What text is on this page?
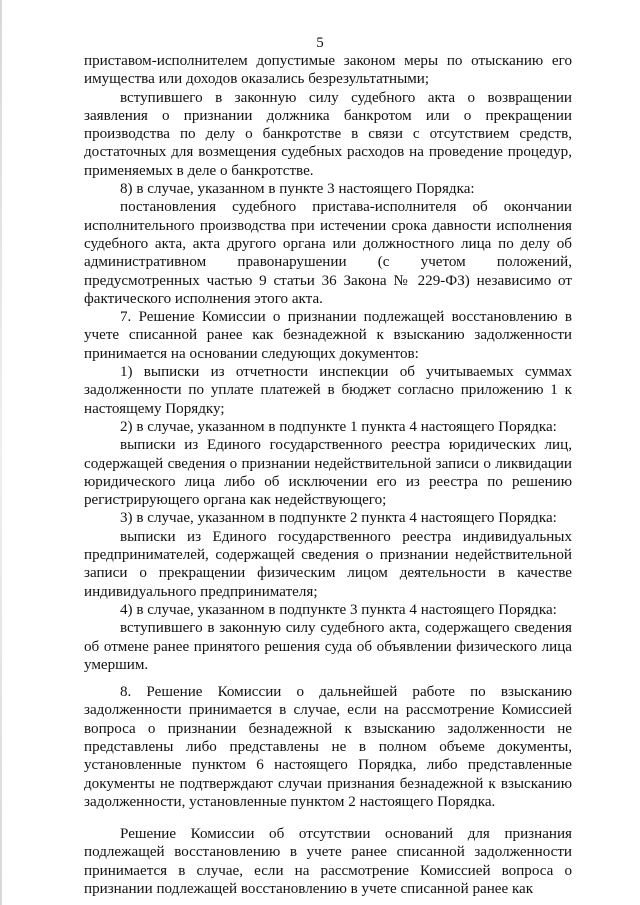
5

приставом-исполнителем допустимые законом меры по отысканию его имущества или доходов оказались безрезультатными;

вступившего в законную силу судебного акта о возвращении заявления о признании должника банкротом или о прекращении производства по делу о банкротстве в связи с отсутствием средств, достаточных для возмещения судебных расходов на проведение процедур, применяемых в деле о банкротстве.

8) в случае, указанном в пункте 3 настоящего Порядка:

постановления судебного пристава-исполнителя об окончании исполнительного производства при истечении срока давности исполнения судебного акта, акта другого органа или должностного лица по делу об административном правонарушении (с учетом положений, предусмотренных частью 9 статьи 36 Закона № 229-ФЗ) независимо от фактического исполнения этого акта.

7. Решение Комиссии о признании подлежащей восстановлению в учете списанной ранее как безнадежной к взысканию задолженности принимается на основании следующих документов:

1) выписки из отчетности инспекции об учитываемых суммах задолженности по уплате платежей в бюджет согласно приложению 1 к настоящему Порядку;

2) в случае, указанном в подпункте 1 пункта 4 настоящего Порядка:

выписки из Единого государственного реестра юридических лиц, содержащей сведения о признании недействительной записи о ликвидации юридического лица либо об исключении его из реестра по решению регистрирующего органа как недействующего;

3) в случае, указанном в подпункте 2 пункта 4 настоящего Порядка:

выписки из Единого государственного реестра индивидуальных предпринимателей, содержащей сведения о признании недействительной записи о прекращении физическим лицом деятельности в качестве индивидуального предпринимателя;

4) в случае, указанном в подпункте 3 пункта 4 настоящего Порядка:

вступившего в законную силу судебного акта, содержащего сведения об отмене ранее принятого решения суда об объявлении физического лица умершим.

8. Решение Комиссии о дальнейшей работе по взысканию задолженности принимается в случае, если на рассмотрение Комиссией вопроса о признании безнадежной к взысканию задолженности не представлены либо представлены не в полном объеме документы, установленные пунктом 6 настоящего Порядка, либо представленные документы не подтверждают случаи признания безнадежной к взысканию задолженности, установленные пунктом 2 настоящего Порядка.

Решение Комиссии об отсутствии оснований для признания подлежащей восстановлению в учете ранее списанной задолженности принимается в случае, если на рассмотрение Комиссией вопроса о признании подлежащей восстановлению в учете списанной ранее как
